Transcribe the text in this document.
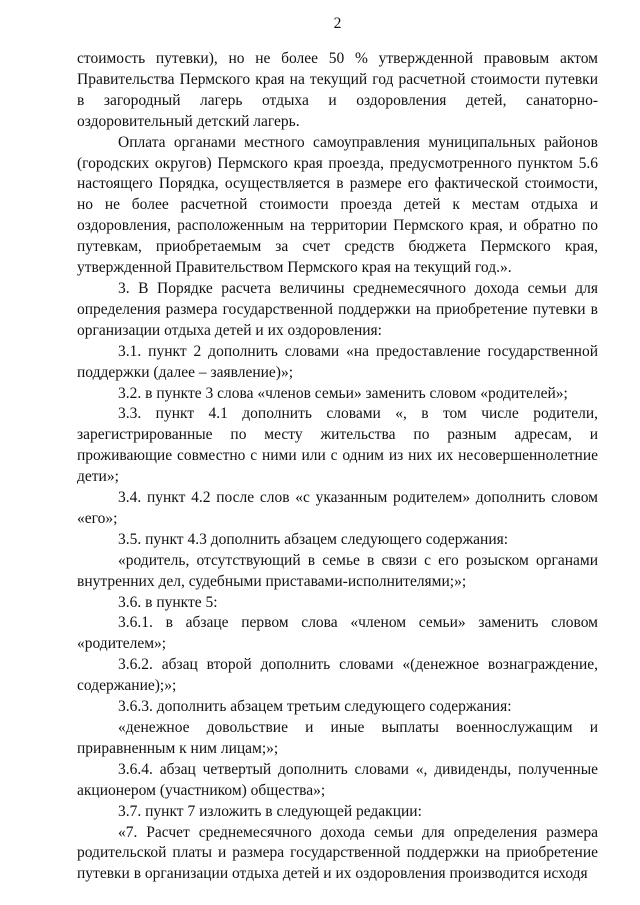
2

стоимость путевки), но не более 50 % утвержденной правовым актом Правительства Пермского края на текущий год расчетной стоимости путевки в загородный лагерь отдыха и оздоровления детей, санаторно-оздоровительный детский лагерь.

Оплата органами местного самоуправления муниципальных районов (городских округов) Пермского края проезда, предусмотренного пунктом 5.6 настоящего Порядка, осуществляется в размере его фактической стоимости, но не более расчетной стоимости проезда детей к местам отдыха и оздоровления, расположенным на территории Пермского края, и обратно по путевкам, приобретаемым за счет средств бюджета Пермского края, утвержденной Правительством Пермского края на текущий год.».

3. В Порядке расчета величины среднемесячного дохода семьи для определения размера государственной поддержки на приобретение путевки в организации отдыха детей и их оздоровления:

3.1. пункт 2 дополнить словами «на предоставление государственной поддержки (далее – заявление)»;

3.2. в пункте 3 слова «членов семьи» заменить словом «родителей»;

3.3. пункт 4.1 дополнить словами «, в том числе родители, зарегистрированные по месту жительства по разным адресам, и проживающие совместно с ними или с одним из них их несовершеннолетние дети»;

3.4. пункт 4.2 после слов «с указанным родителем» дополнить словом «его»;

3.5. пункт 4.3 дополнить абзацем следующего содержания:

«родитель, отсутствующий в семье в связи с его розыском органами внутренних дел, судебными приставами-исполнителями;»;

3.6. в пункте 5:

3.6.1. в абзаце первом слова «членом семьи» заменить словом «родителем»;

3.6.2. абзац второй дополнить словами «(денежное вознаграждение, содержание);»;

3.6.3. дополнить абзацем третьим следующего содержания:

«денежное довольствие и иные выплаты военнослужащим и приравненным к ним лицам;»;

3.6.4. абзац четвертый дополнить словами «, дивиденды, полученные акционером (участником) общества»;

3.7. пункт 7 изложить в следующей редакции:

«7. Расчет среднемесячного дохода семьи для определения размера родительской платы и размера государственной поддержки на приобретение путевки в организации отдыха детей и их оздоровления производится исходя
